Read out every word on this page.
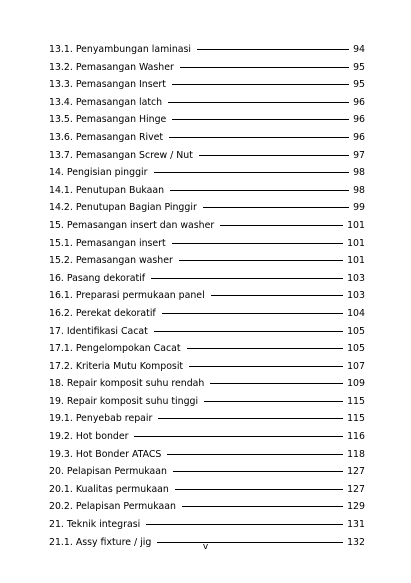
13.1. Penyambungan laminasi	94
13.2. Pemasangan Washer	95
13.3. Pemasangan Insert	95
13.4. Pemasangan latch	96
13.5. Pemasangan Hinge	96
13.6. Pemasangan Rivet	96
13.7. Pemasangan Screw / Nut	97
14. Pengisian pinggir	98
14.1. Penutupan Bukaan	98
14.2. Penutupan Bagian Pinggir	99
15. Pemasangan insert dan washer	101
15.1. Pemasangan insert	101
15.2. Pemasangan washer	101
16. Pasang dekoratif	103
16.1. Preparasi permukaan panel	103
16.2. Perekat dekoratif	104
17. Identifikasi Cacat	105
17.1. Pengelompokan Cacat	105
17.2. Kriteria Mutu Komposit	107
18. Repair komposit suhu rendah	109
19. Repair komposit suhu tinggi	115
19.1. Penyebab repair	115
19.2. Hot bonder	116
19.3. Hot Bonder ATACS	118
20. Pelapisan Permukaan	127
20.1. Kualitas permukaan	127
20.2. Pelapisan Permukaan	129
21. Teknik integrasi	131
21.1. Assy fixture / jig	132
v
